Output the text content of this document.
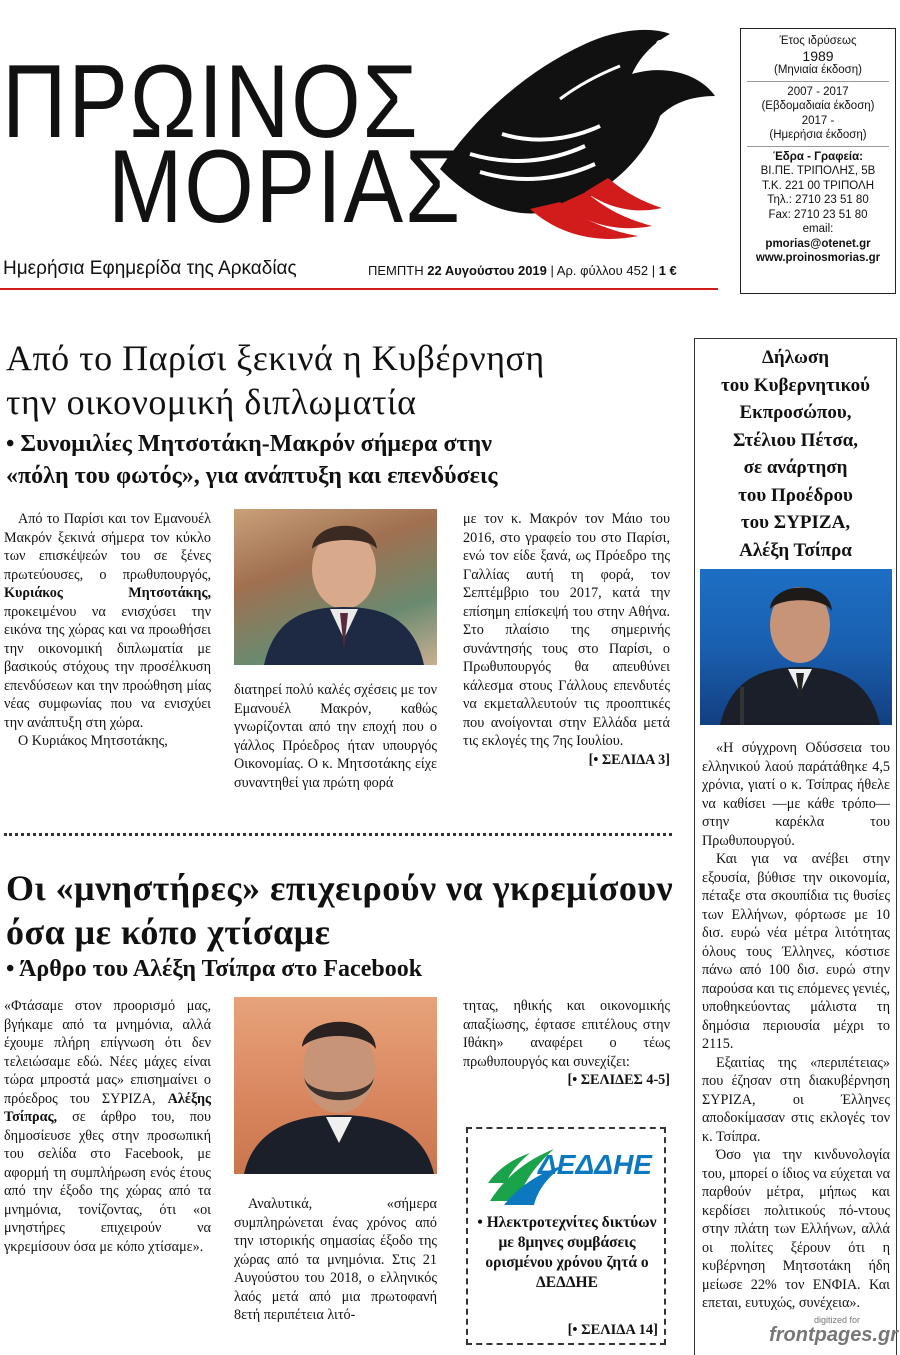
ΠΡΩΙΝΟΣ
ΜΟΡΙΑΣ
Ημερήσια Εφημερίδα της Αρκαδίας	ΠΕΜΠΤΗ 22 Αυγούστου 2019 | Αρ. φύλλου 452 | 1 €
Έτος ιδρύσεως
1989
(Μηνιαία έκδοση)
2007 - 2017
(Εβδομαδιαία έκδοση)
2017 -
(Ημερήσια έκδοση)
Έδρα - Γραφεία:
ΒΙ.ΠΕ. ΤΡΙΠΟΛΗΣ, 5Β
Τ.Κ. 221 00 ΤΡΙΠΟΛΗ
Τηλ.: 2710 23 51 80
Fax: 2710 23 51 80
email:
pmorias@otenet.gr
www.proinosmorias.gr
Από το Παρίσι ξεκινά η Κυβέρνηση
την οικονομική διπλωματία
• Συνομιλίες Μητσοτάκη-Μακρόν σήμερα στην
«πόλη του φωτός», για ανάπτυξη και επενδύσεις

Από το Παρίσι και τον Εμανουέλ Μακρόν ξεκινά σήμερα τον κύκλο των επισκέψεών του σε ξένες πρωτεύουσες, ο πρωθυπουργός, Κυριάκος Μητσοτάκης, προκειμένου να ενισχύσει την εικόνα της χώρας και να προωθήσει την οικονομική διπλωματία με βασικούς στόχους την προσέλκυση επενδύσεων και την προώθηση μίας νέας συμφωνίας που να ενισχύει την ανάπτυξη στη χώρα.

Ο Κυριάκος Μητσοτάκης,

διατηρεί πολύ καλές σχέσεις με τον Εμανουέλ Μακρόν, καθώς γνωρίζονται από την εποχή που ο γάλλος Πρόεδρος ήταν υπουργός Οικονομίας. Ο κ. Μητσοτάκης είχε συναντηθεί για πρώτη φορά

με τον κ. Μακρόν τον Μάιο του 2016, στο γραφείο του στο Παρίσι, ενώ τον είδε ξανά, ως Πρόεδρο της Γαλλίας αυτή τη φορά, τον Σεπτέμβριο του 2017, κατά την επίσημη επίσκεψή του στην Αθήνα. Στο πλαίσιο της σημερινής συνάντησής τους στο Παρίσι, ο Πρωθυπουργός θα απευθύνει κάλεσμα στους Γάλλους επενδυτές να εκμεταλλευτούν τις προοπτικές που ανοίγονται στην Ελλάδα μετά τις εκλογές της 7ης Ιουλίου.

[• ΣΕΛΙΔΑ 3]
Οι «μνηστήρες» επιχειρούν να γκρεμίσουν
όσα με κόπο χτίσαμε
• Άρθρο του Αλέξη Τσίπρα στο Facebook

«Φτάσαμε στον προορισμό μας, βγήκαμε από τα μνημόνια, αλλά έχουμε πλήρη επίγνωση ότι δεν τελειώσαμε εδώ. Νέες μάχες είναι τώρα μπροστά μας» επισημαίνει ο πρόεδρος του ΣΥΡΙΖΑ, Αλέξης Τσίπρας, σε άρθρο του, που δημοσίευσε χθες στην προσωπική του σελίδα στο Facebook, με αφορμή τη συμπλήρωση ενός έτους από την έξοδο της χώρας από τα μνημόνια, τονίζοντας, ότι «οι μνηστήρες επιχειρούν να γκρεμίσουν όσα με κόπο χτίσαμε».

Αναλυτικά, «σήμερα συμπληρώνεται ένας χρόνος από την ιστορικής σημασίας έξοδο της χώρας από τα μνημόνια. Στις 21 Αυγούστου του 2018, ο ελληνικός λαός μετά από μια πρωτοφανή 8ετή περιπέτεια λιτό-

τητας, ηθικής και οικονομικής απαξίωσης, έφτασε επιτέλους στην Ιθάκη» αναφέρει ο τέως πρωθυπουργός και συνεχίζει:

[• ΣΕΛΙΔΕΣ 4-5]
ΔΕΔΔΗΕ
• Ηλεκτροτεχνίτες δικτύων με 8μηνες συμβάσεις ορισμένου χρόνου ζητά ο ΔΕΔΔΗΕ
[• ΣΕΛΙΔΑ 14]
Δήλωση
του Κυβερνητικού
Εκπροσώπου,
Στέλιου Πέτσα,
σε ανάρτηση
του Προέδρου
του ΣΥΡΙΖΑ,
Αλέξη Τσίπρα

«Η σύγχρονη Οδύσσεια του ελληνικού λαού παράτάθηκε 4,5 χρόνια, γιατί ο κ. Τσίπρας ήθελε να καθίσει —με κάθε τρόπο— στην καρέκλα του Πρωθυπουργού.

Και για να ανέβει στην εξουσία, βύθισε την οικονομία, πέταξε στα σκουπίδια τις θυσίες των Ελλήνων, φόρτωσε με 10 δισ. ευρώ νέα μέτρα λιτότητας όλους τους Έλληνες, κόστισε πάνω από 100 δισ. ευρώ στην παρούσα και τις επόμενες γενιές, υποθηκεύοντας μάλιστα τη δημόσια περιουσία μέχρι το 2115.

Εξαιτίας της «περιπέτειας» που έζησαν στη διακυβέρνηση ΣΥΡΙΖΑ, οι Έλληνες αποδοκίμασαν στις εκλογές τον κ. Τσίπρα.

Όσο για την κινδυνολογία του, μπορεί ο ίδιος να εύχεται να παρθούν μέτρα, μήπως και κερδίσει πολιτικούς πό-ντους στην πλάτη των Ελλήνων, αλλά οι πολίτες ξέρουν ότι η κυβέρνηση Μητσοτάκη ήδη μείωσε 22% τον ΕΝΦΙΑ. Και επεται, ευτυχώς, συνέχεια».

digitized for
frontpages.gr
